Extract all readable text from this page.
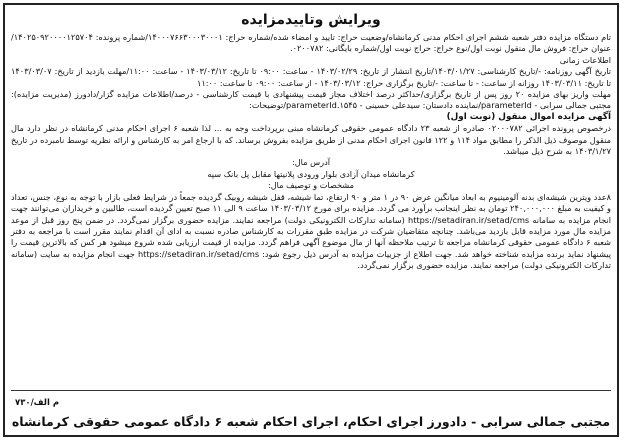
ویرایش وتاییدمزایده

تام دستگاه مزایده دفتر شعبه ششم اجرای احکام مدنی کرمانشاه/وضعیت حراج: تایید و امضاء شده/شماره حراج: ۱۴۰۰۰۷۶۶۳۰۰۰۳۰۰۰۱/شماره پرونده: ۱۴۰۲۵۰۹۲۰۰۰۰۱۲۵۷۰۴/عنوان حراج: فروش مال منقول نوبت اول/نوع حراج: حراج نوبت اول/شماره بایگانی: ۰۲۰۰۷۸۲.

اطلاعات زمانی

تاریخ آگهی روزنامه: -/تاریخ کارشناسی: ۱۴۰۳/۰۱/۲۷/تاریخ انتشار از تاریخ: ۱۴۰۳/۰۲/۲۹ - ساعت: ۰۹:۰۰ تا تاریخ: ۱۴۰۳/۰۳/۱۲ - ساعت: ۱۱:۰۰/مهلت بازدید از تاریخ: ۱۴۰۳/۰۳/۰۷ تا تاریخ: ۱۴۰۳/۰۳/۱۱ روزانه از ساعت: - تا ساعت: -/تاریخ برگزاری حراج: ۱۴۰۳/۰۳/۱۲ - از ساعت: ۰۹:۰۰ تا ساعت: ۱۱:۰۰

مهلت واریز بهای مزایده ۲۰ روز پس از تاریخ برگزاری/حداکثر درصد اختلاف مجاز قیمت پیشنهادی با قیمت کارشناسی - درصد/اطلاعات مزایده گزار/دادورز (مدیریت مزایده): مجتبی جمالی سرابی - parameterId/نماینده دادستان: سیدعلی حسینی - parameterId.۱۵۴۵/توضیحات:

آگهی مزایده اموال منقول (نوبت اول)

درخصوص پرونده اجرائی ۰۲۰۰۰۷۸۲ صادره از شعبه ۲۳ دادگاه عمومی حقوقی کرمانشاه مبنی برپرداخت وجه به ... لذا شعبه ۶ اجرای احکام مدنی کرمانشاه در نظر دارد مال منقول موصوف ذیل الذکر را مطابق مواد ۱۱۴ و ۱۲۲ قانون اجرای احکام مدنی از طریق مزایده بفروش برساند. که با ارجاع امر به کارشناس و ارائه نظریه توسط نامبرده در تاریخ ۱۴۰۳/۱/۲۷ به شرح ذیل میباشد.

آدرس مال:

کرمانشاه میدان آزادی بلوار ورودی پلانیتها مقابل پل بانک سپه

مشخصات و توصیف مال:

۸عدد ویترین شیشه‌ای بدنه آلومینیوم به ابعاد میانگین عرض ۹۰ در ۱ متر و ۹۰ ارتفاع، تما شیشه، قفل شیشه روبیک گردیده جمعاً در شرایط فعلی بازار با توجه به نوع، جنس، تعداد و کیفیت به مبلغ ۲۴۰,۰۰۰,۰۰۰ تومان به نظر اینجانب برآورد می گردد. مزایده برای مورخ ۱۴۰۳/۰۳/۱۲ ساعت ۹ الی ۱۱ صبح تعیین گردیده است، طالبین و خریداران می‌توانند جهت انجام مزایده به سامانه https://setadiran.ir/setad/cms (سامانه تدارکات الکترونیکی دولت) مراجعه نمایند. مزایده حضوری برگزار نمی‌گردد. در ضمن پنج روز قبل از موعد مزایده مال مورد مزایده قابل بازدید می‌باشد. چنانچه متقاضیان شرکت در مزایده طبق مقررات به کارشناس صادره نسبت به ادای آن اقدام نمایند مقرر است با مراجعه به دفتر شعبه ۶ دادگاه عمومی حقوقی کرمانشاه مراجعه تا ترتیب ملاحظه آنها از مال موضوع آگهی فراهم گردد. مزایده از قیمت ارزیابی شده شروع میشود هر کس که بالاترین قیمت را پیشنهاد نماید برنده مزایده شناخته خواهد شد. جهت اطلاع از جزییات مزایده به آدرس ذیل رجوع شود: https://setadiran.ir/setad/cms جهت انجام مزایده به سایت (سامانه تدارکات الکترونیکی دولت) مراجعه نمایند. مزایده حضوری برگزار نمی‌گردد.

م الف/۷۳۰
مجتبی جمالی سرابی - دادورز اجرای احکام، اجرای احکام شعبه ۶ دادگاه عمومی حقوقی کرمانشاه
